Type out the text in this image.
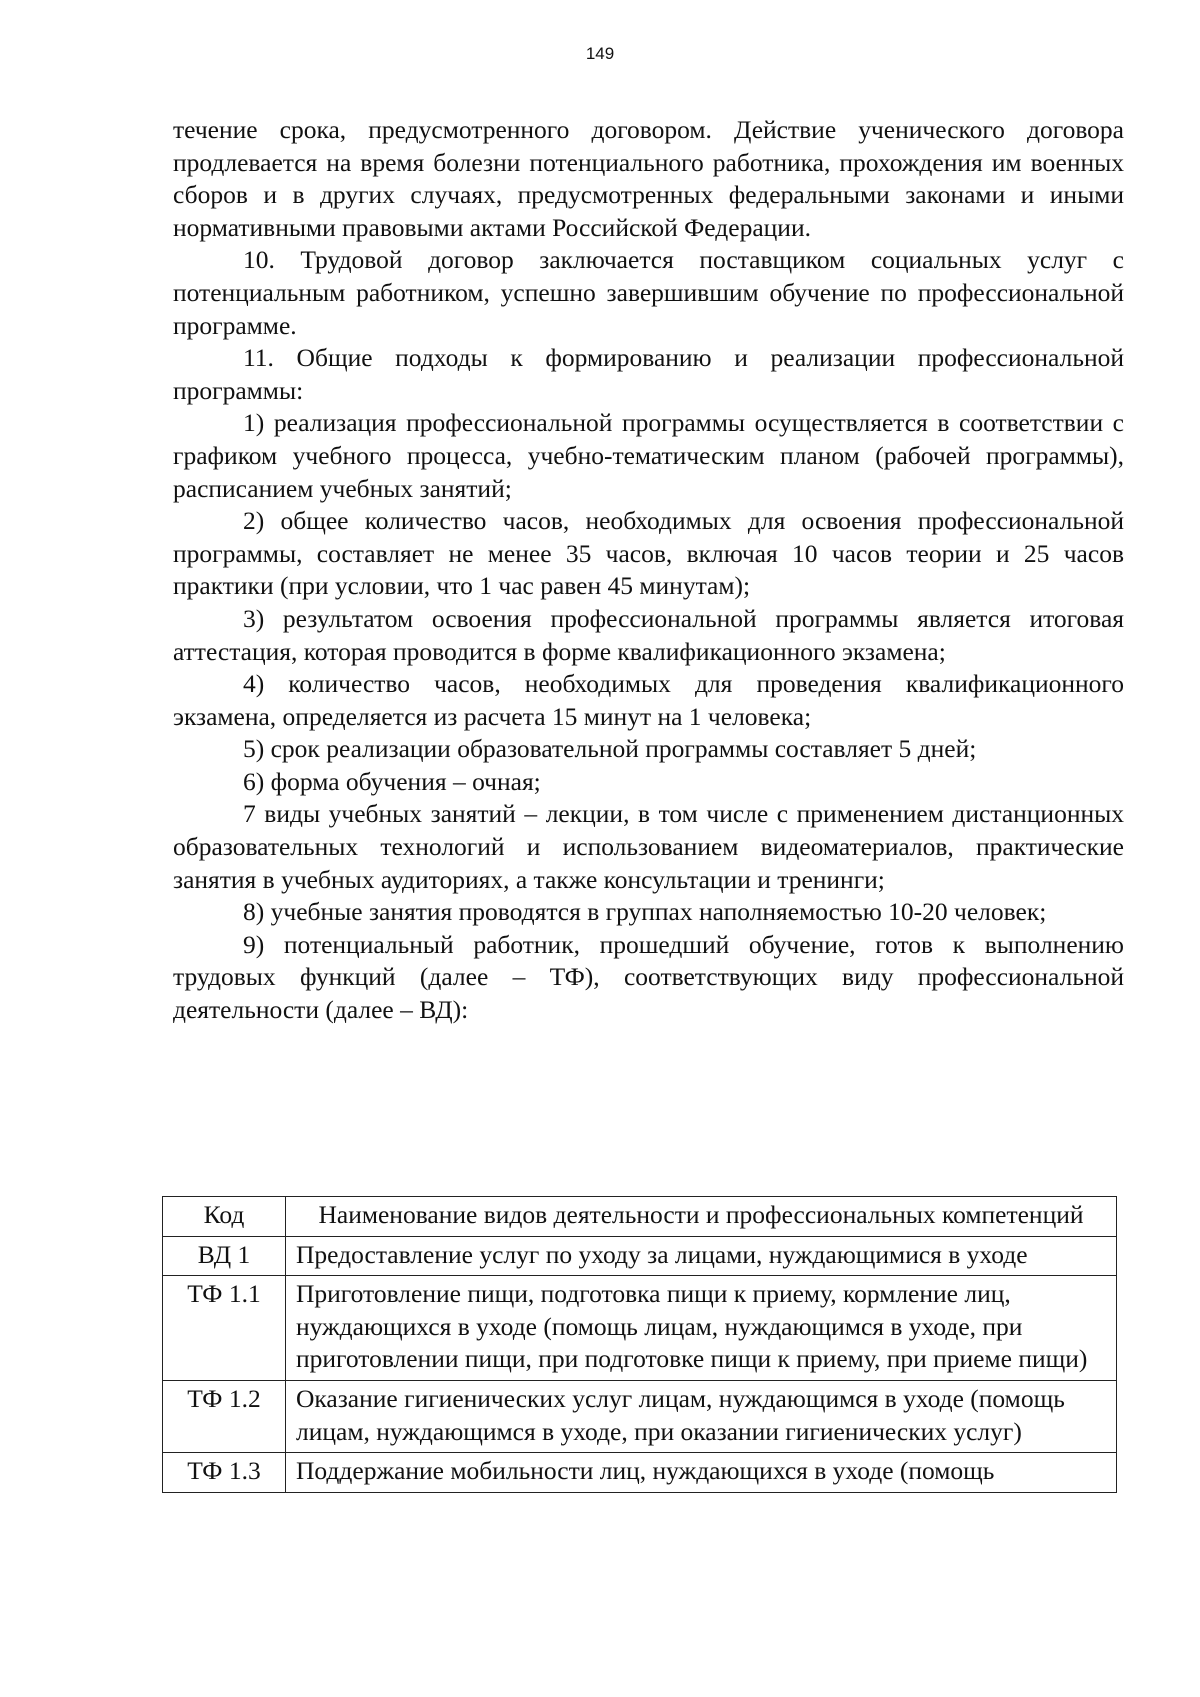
149

течение срока, предусмотренного договором. Действие ученического договора продлевается на время болезни потенциального работника, прохождения им военных сборов и в других случаях, предусмотренных федеральными законами и иными нормативными правовыми актами Российской Федерации.

10. Трудовой договор заключается поставщиком социальных услуг с потенциальным работником, успешно завершившим обучение по профессиональной программе.

11. Общие подходы к формированию и реализации профессиональной программы:

1) реализация профессиональной программы осуществляется в соответствии с графиком учебного процесса, учебно-тематическим планом (рабочей программы), расписанием учебных занятий;

2) общее количество часов, необходимых для освоения профессиональной программы, составляет не менее 35 часов, включая 10 часов теории и 25 часов практики (при условии, что 1 час равен 45 минутам);

3) результатом освоения профессиональной программы является итоговая аттестация, которая проводится в форме квалификационного экзамена;

4) количество часов, необходимых для проведения квалификационного экзамена, определяется из расчета 15 минут на 1 человека;

5) срок реализации образовательной программы составляет 5 дней;

6) форма обучения – очная;

7 виды учебных занятий – лекции, в том числе с применением дистанционных образовательных технологий и использованием видеоматериалов, практические занятия в учебных аудиториях, а также консультации и тренинги;

8) учебные занятия проводятся в группах наполняемостью 10-20 человек;

9) потенциальный работник, прошедший обучение, готов к выполнению трудовых функций (далее – ТФ), соответствующих виду профессиональной деятельности (далее – ВД):

Код	Наименование видов деятельности и профессиональных компетенций
ВД 1	Предоставление услуг по уходу за лицами, нуждающимися в уходе
ТФ 1.1	Приготовление пищи, подготовка пищи к приему, кормление лиц, нуждающихся в уходе (помощь лицам, нуждающимся в уходе, при приготовлении пищи, при подготовке пищи к приему, при приеме пищи)
ТФ 1.2	Оказание гигиенических услуг лицам, нуждающимся в уходе (помощь лицам, нуждающимся в уходе, при оказании гигиенических услуг)
ТФ 1.3	Поддержание мобильности лиц, нуждающихся в уходе (помощь
